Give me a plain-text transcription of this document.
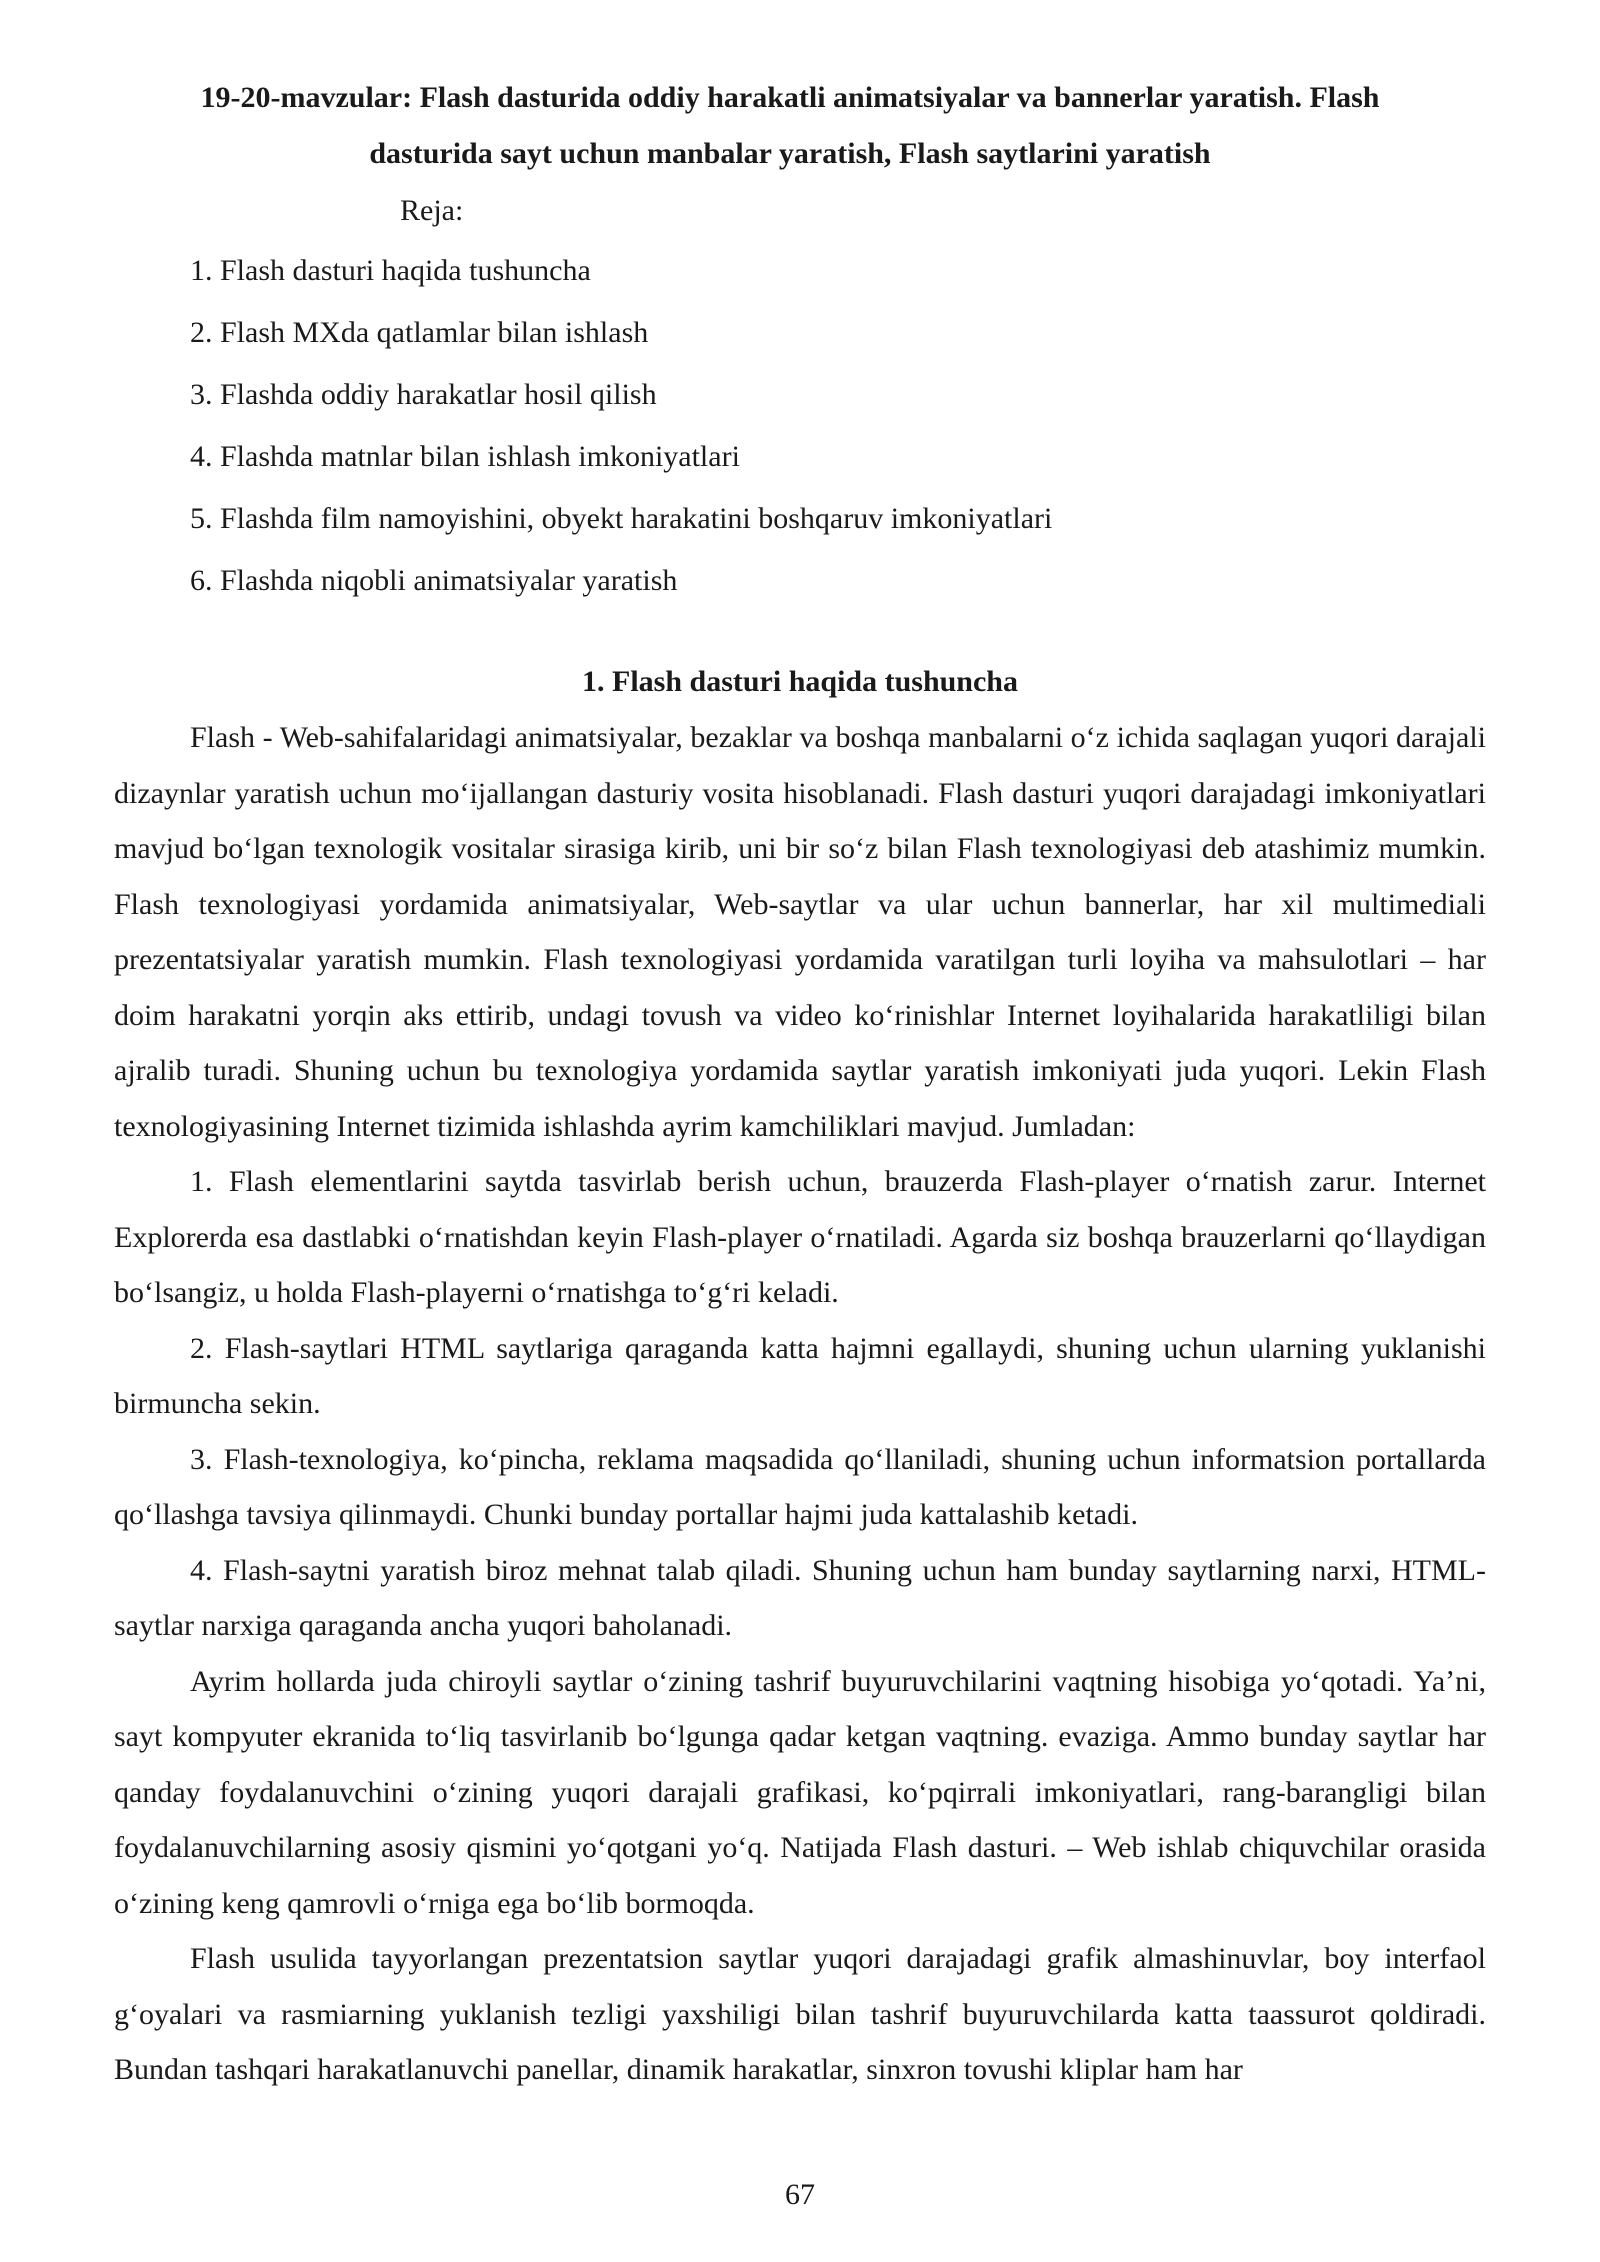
19-20-mavzular: Flash dasturida oddiy harakatli animatsiyalar va bannerlar yaratish. Flash dasturida sayt uchun manbalar yaratish, Flash saytlarini yaratish
Reja:
1. Flash dasturi haqida tushuncha
2. Flash MXda qatlamlar bilan ishlash
3. Flashda oddiy harakatlar hosil qilish
4. Flashda matnlar bilan ishlash imkoniyatlari
5. Flashda film namoyishini, obyekt harakatini boshqaruv imkoniyatlari
6. Flashda niqobli animatsiyalar yaratish
1. Flash dasturi haqida tushuncha

Flash - Web-sahifalaridagi animatsiyalar, bezaklar va boshqa manbalarni oʻz ichida saqlagan yuqori darajali dizaynlar yaratish uchun moʻijallangan dasturiy vosita hisoblanadi. Flash dasturi yuqori darajadagi imkoniyatlari mavjud boʻlgan texnologik vositalar sirasiga kirib, uni bir soʻz bilan Flash texnologiyasi deb atashimiz mumkin. Flash texnologiyasi yordamida animatsiyalar, Web-saytlar va ular uchun bannerlar, har xil multimediali prezentatsiyalar yaratish mumkin. Flash texnologiyasi yordamida varatilgan turli loyiha va mahsulotlari – har doim harakatni yorqin aks ettirib, undagi tovush va video koʻrinishlar Internet loyihalarida harakatliligi bilan ajralib turadi. Shuning uchun bu texnologiya yordamida saytlar yaratish imkoniyati juda yuqori. Lekin Flash texnologiyasining Internet tizimida ishlashda ayrim kamchiliklari mavjud. Jumladan:

1. Flash elementlarini saytda tasvirlab berish uchun, brauzerda Flash-player oʻrnatish zarur. Internet Explorerda esa dastlabki oʻrnatishdan keyin Flash-player oʻrnatiladi. Agarda siz boshqa brauzerlarni qoʻllaydigan boʻlsangiz, u holda Flash-playerni oʻrnatishga toʻgʻri keladi.

2. Flash-saytlari HTML saytlariga qaraganda katta hajmni egallaydi, shuning uchun ularning yuklanishi birmuncha sekin.

3. Flash-texnologiya, koʻpincha, reklama maqsadida qoʻllaniladi, shuning uchun informatsion portallarda qoʻllashga tavsiya qilinmaydi. Chunki bunday portallar hajmi juda kattalashib ketadi.

4. Flash-saytni yaratish biroz mehnat talab qiladi. Shuning uchun ham bunday saytlarning narxi, HTML-saytlar narxiga qaraganda ancha yuqori baholanadi.

Ayrim hollarda juda chiroyli saytlar oʻzining tashrif buyuruvchilarini vaqtning hisobiga yoʻqotadi. Yaʼni, sayt kompyuter ekranida toʻliq tasvirlanib boʻlgunga qadar ketgan vaqtning. evaziga. Ammo bunday saytlar har qanday foydalanuvchini oʻzining yuqori darajali grafikasi, koʻpqirrali imkoniyatlari, rang-barangligi bilan foydalanuvchilarning asosiy qismini yoʻqotgani yoʻq. Natijada Flash dasturi. – Web ishlab chiquvchilar orasida oʻzining keng qamrovli oʻrniga ega boʻlib bormoqda.

Flash usulida tayyorlangan prezentatsion saytlar yuqori darajadagi grafik almashinuvlar, boy interfaol gʻoyalari va rasmiarning yuklanish tezligi yaxshiligi bilan tashrif buyuruvchilarda katta taassurot qoldiradi. Bundan tashqari harakatlanuvchi panellar, dinamik harakatlar, sinxron tovushi kliplar ham har

67
